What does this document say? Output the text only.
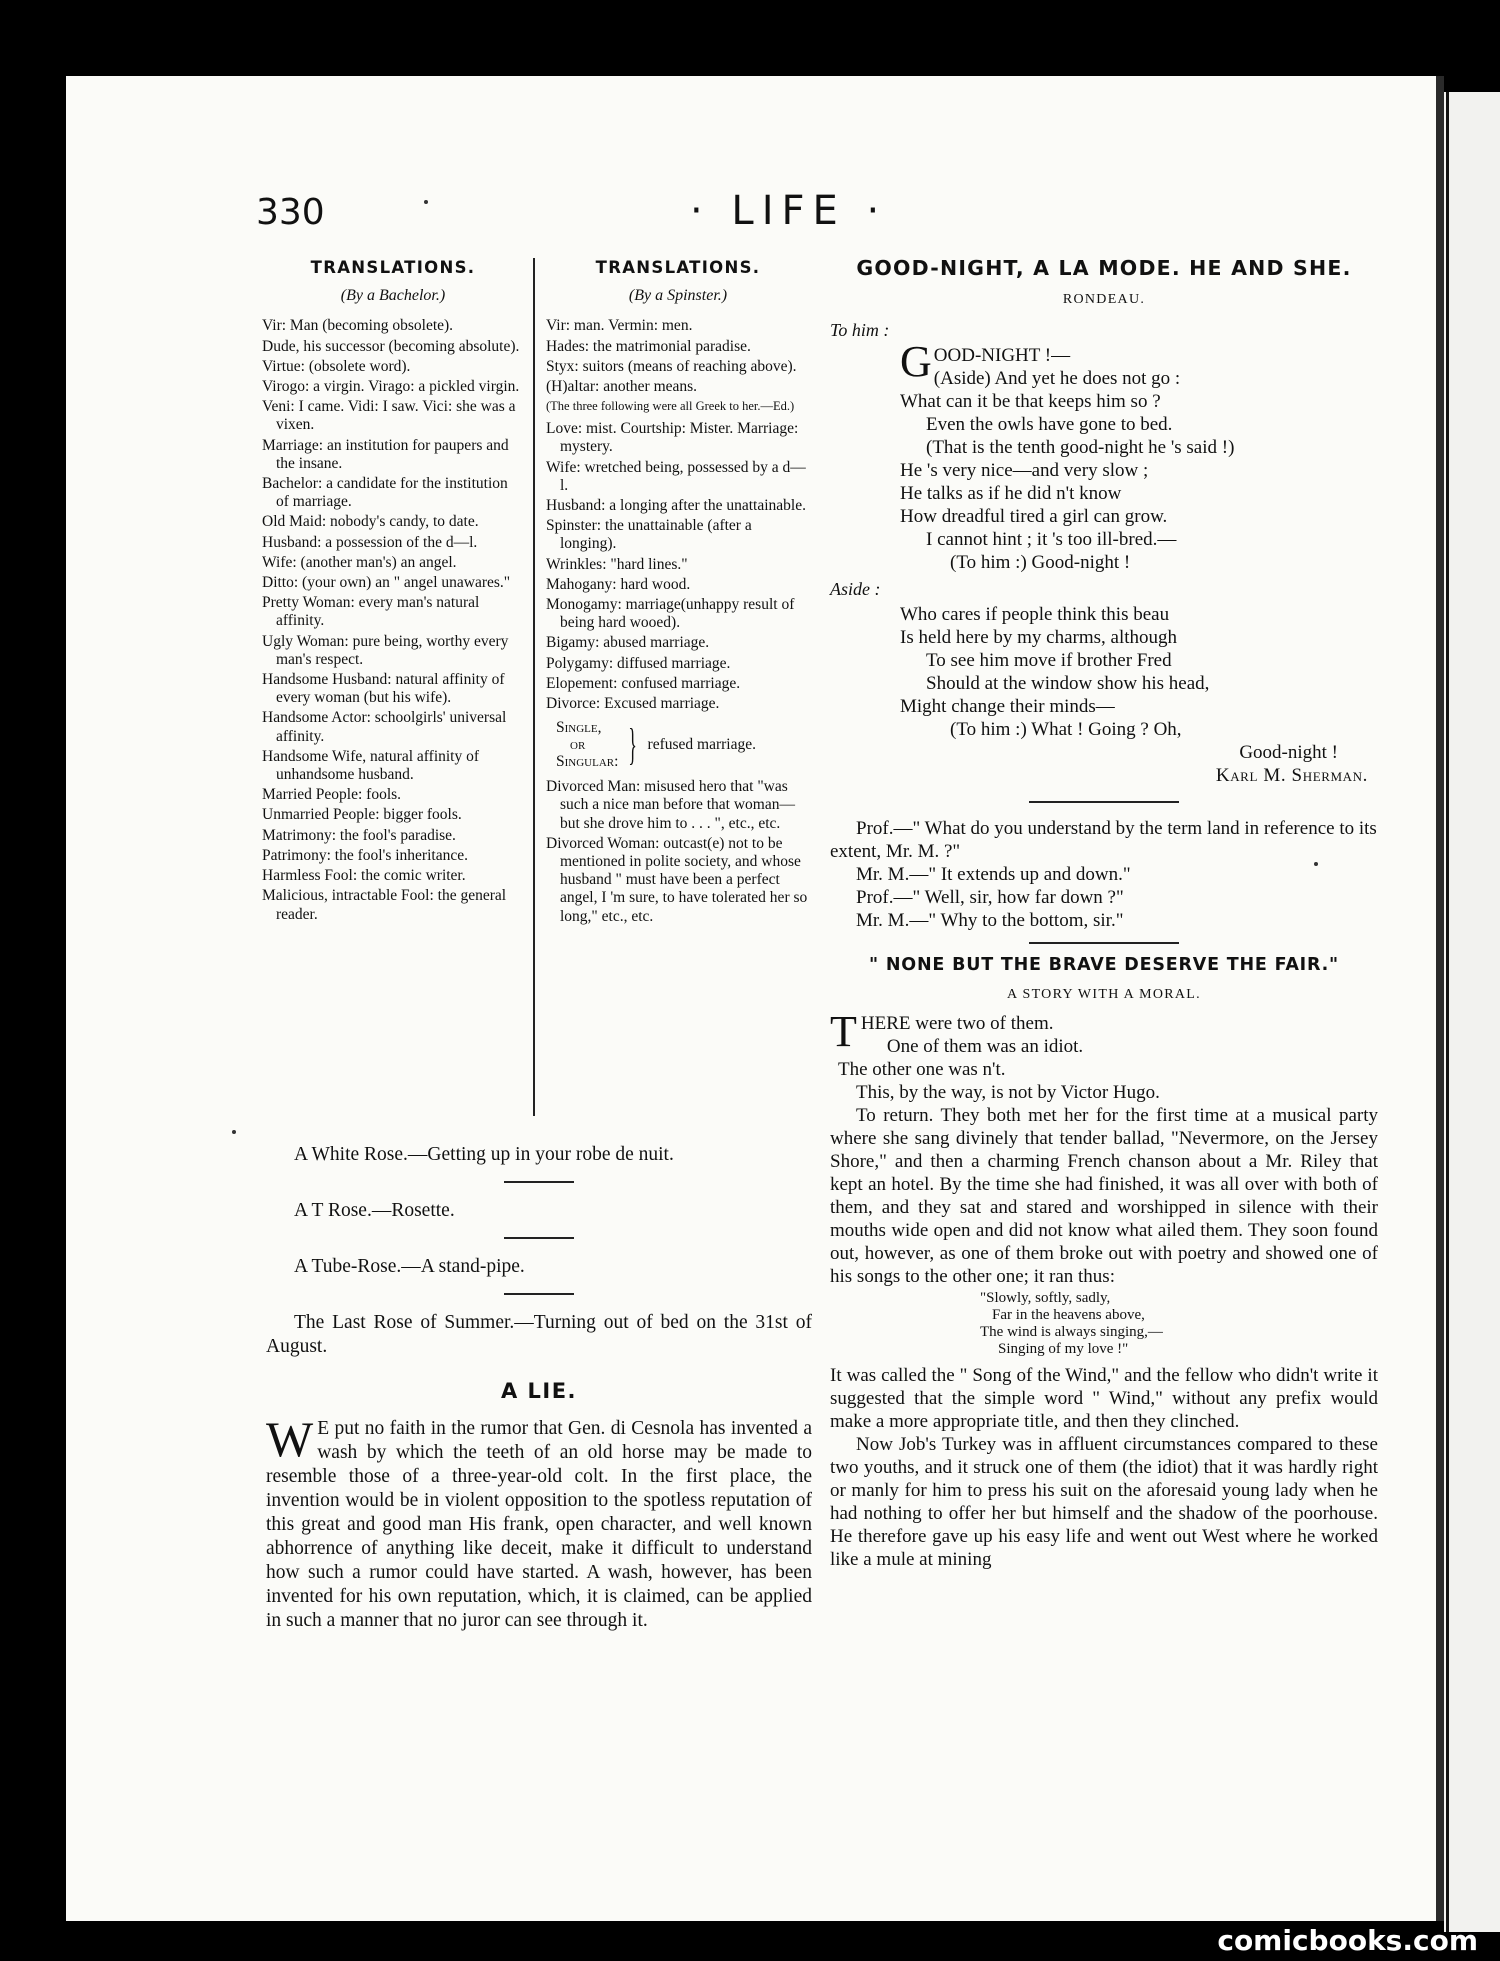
330	· LIFE ·
TRANSLATIONS.
(By a Bachelor.)
Vir: Man (becoming obsolete).
Dude, his successor (becoming absolute).
Virtue: (obsolete word).
Virogo: a virgin. Virago: a pickled virgin.
Veni: I came. Vidi: I saw. Vici: she was a vixen.
Marriage: an institution for paupers and the insane.
Bachelor: a candidate for the institution of marriage.
Old Maid: nobody's candy, to date.
Husband: a possession of the d—l.
Wife: (another man's) an angel.
Ditto: (your own) an " angel unawares."
Pretty Woman: every man's natural affinity.
Ugly Woman: pure being, worthy every man's respect.
Handsome Husband: natural affinity of every woman (but his wife).
Handsome Actor: schoolgirls' universal affinity.
Handsome Wife, natural affinity of unhandsome husband.
Married People: fools.
Unmarried People: bigger fools.
Matrimony: the fool's paradise.
Patrimony: the fool's inheritance.
Harmless Fool: the comic writer.
Malicious, intractable Fool: the general reader.
TRANSLATIONS.
(By a Spinster.)
Vir: man. Vermin: men.
Hades: the matrimonial paradise.
Styx: suitors (means of reaching above).
(H)altar: another means.
(The three following were all Greek to her.—Ed.)
Love: mist. Courtship: Mister. Marriage: mystery.
Wife: wretched being, possessed by a d—l.
Husband: a longing after the unattainable.
Spinster: the unattainable (after a longing).
Wrinkles: "hard lines."
Mahogany: hard wood.
Monogamy: marriage(unhappy result of being hard wooed).
Bigamy: abused marriage.
Polygamy: diffused marriage.
Elopement: confused marriage.
Divorce: Excused marriage.
Single,
or
Singular: } refused marriage.
Divorced Man: misused hero that "was such a nice man before that woman—but she drove him to . . . ", etc., etc.
Divorced Woman: outcast(e) not to be mentioned in polite society, and whose husband " must have been a perfect angel, I 'm sure, to have tolerated her so long," etc., etc.
GOOD-NIGHT, A LA MODE. HE AND SHE.
RONDEAU.
To him :
GOOD-NIGHT !—
(Aside) And yet he does not go :
What can it be that keeps him so ?
Even the owls have gone to bed.
(That is the tenth good-night he 's said !)
He 's very nice—and very slow ;
He talks as if he did n't know
How dreadful tired a girl can grow.
I cannot hint ; it 's too ill-bred.—
(To him :) Good-night !
Aside :
Who cares if people think this beau
Is held here by my charms, although
To see him move if brother Fred
Should at the window show his head,
Might change their minds—
(To him :) What ! Going ? Oh,
Good-night !
Karl M. Sherman.

Prof.—" What do you understand by the term land in reference to its extent, Mr. M. ?"

Mr. M.—" It extends up and down."

Prof.—" Well, sir, how far down ?"

Mr. M.—" Why to the bottom, sir."

" NONE BUT THE BRAVE DESERVE THE FAIR."
A STORY WITH A MORAL.

THERE were two of them.

One of them was an idiot.

The other one was n't.

This, by the way, is not by Victor Hugo.

To return. They both met her for the first time at a musical party where she sang divinely that tender ballad, "Nevermore, on the Jersey Shore," and then a charming French chanson about a Mr. Riley that kept an hotel. By the time she had finished, it was all over with both of them, and they sat and stared and worshipped in silence with their mouths wide open and did not know what ailed them. They soon found out, however, as one of them broke out with poetry and showed one of his songs to the other one; it ran thus:

"Slowly, softly, sadly,
Far in the heavens above,
The wind is always singing,—
Singing of my love !"

It was called the " Song of the Wind," and the fellow who didn't write it suggested that the simple word " Wind," without any prefix would make a more appropriate title, and then they clinched.

Now Job's Turkey was in affluent circumstances compared to these two youths, and it struck one of them (the idiot) that it was hardly right or manly for him to press his suit on the aforesaid young lady when he had nothing to offer her but himself and the shadow of the poorhouse. He therefore gave up his easy life and went out West where he worked like a mule at mining

A White Rose.—Getting up in your robe de nuit.
A T Rose.—Rosette.
A Tube-Rose.—A stand-pipe.
The Last Rose of Summer.—Turning out of bed on the 31st of August.
A LIE.

W E put no faith in the rumor that Gen. di Cesnola has invented a wash by which the teeth of an old horse may be made to resemble those of a three-year-old colt. In the first place, the invention would be in violent opposition to the spotless reputation of this great and good man His frank, open character, and well known abhorrence of anything like deceit, make it difficult to understand how such a rumor could have started. A wash, however, has been invented for his own reputation, which, it is claimed, can be applied in such a manner that no juror can see through it.

comicbooks.com
